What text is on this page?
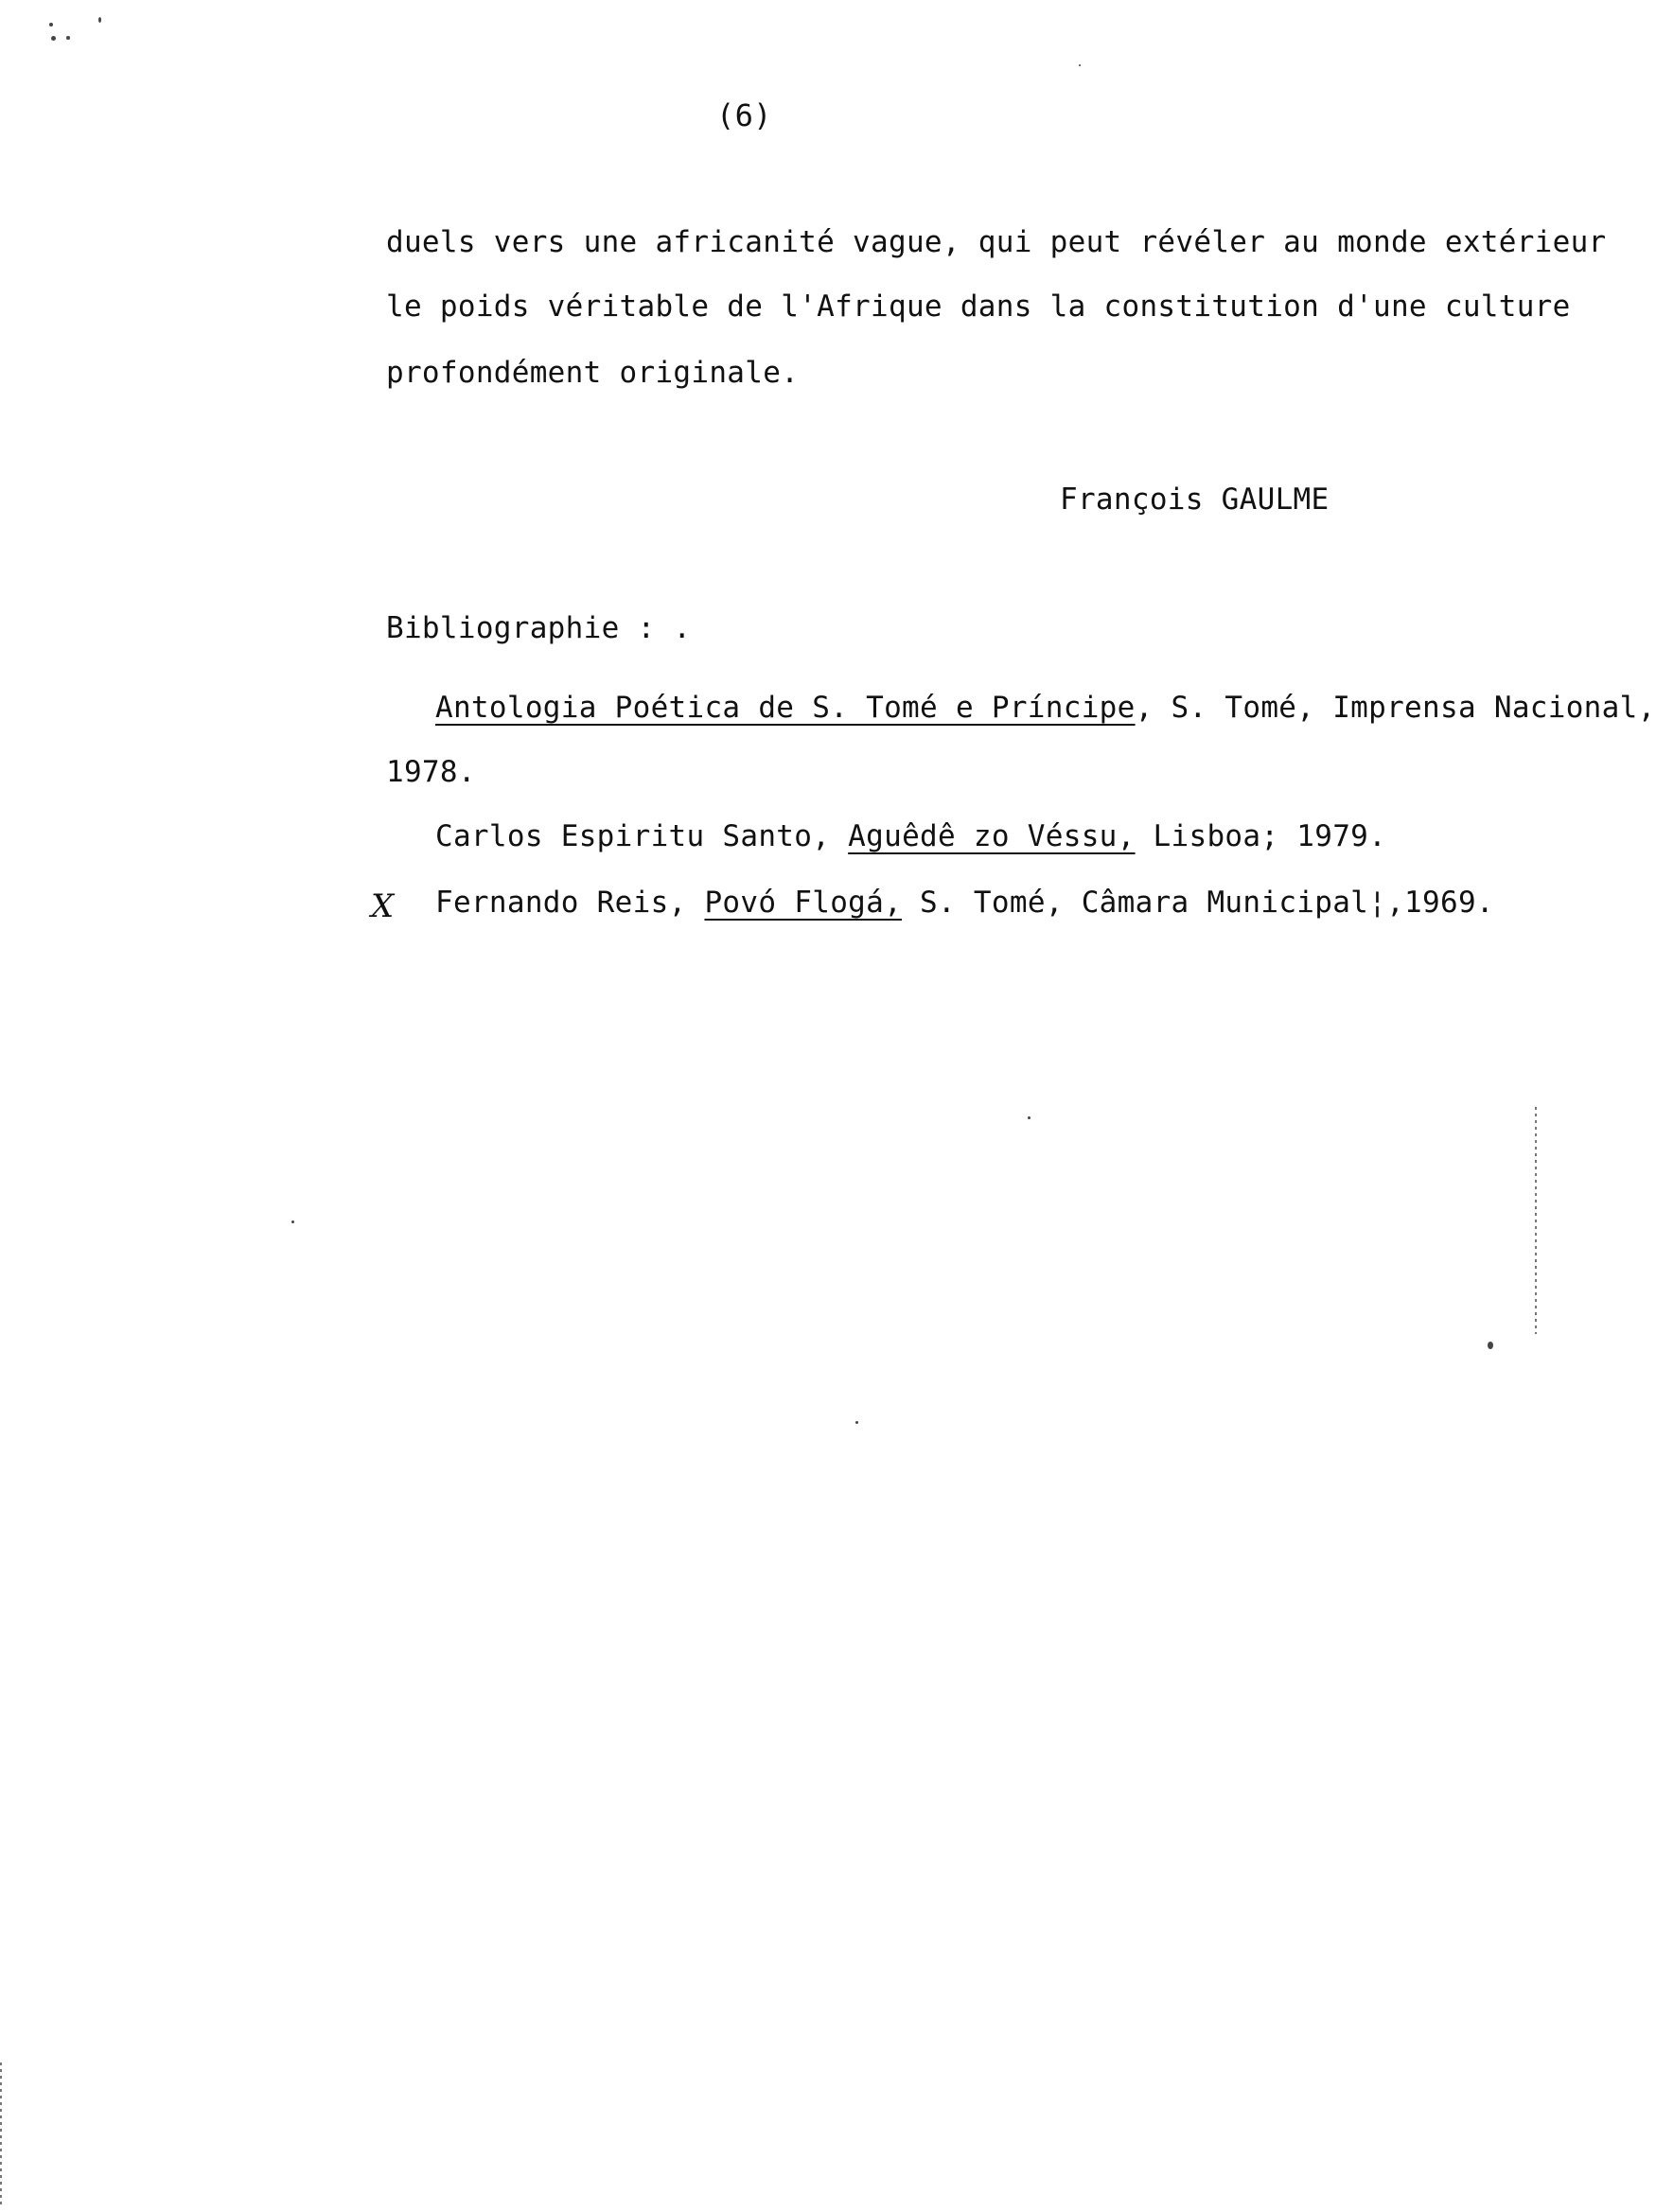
(6)
duels vers une africanité vague, qui peut révéler au monde extérieur
le poids véritable de l'Afrique dans la constitution d'une culture
profondément originale.
François GAULME
Bibliographie : .
Antologia Poética de S. Tomé e Príncipe, S. Tomé, Imprensa Nacional,
1978.
Carlos Espiritu Santo, Aguêdê zo Véssu, Lisboa; 1979.
X Fernando Reis, Povó Flogá, S. Tomé, Câmara Municipal¦,1969.
